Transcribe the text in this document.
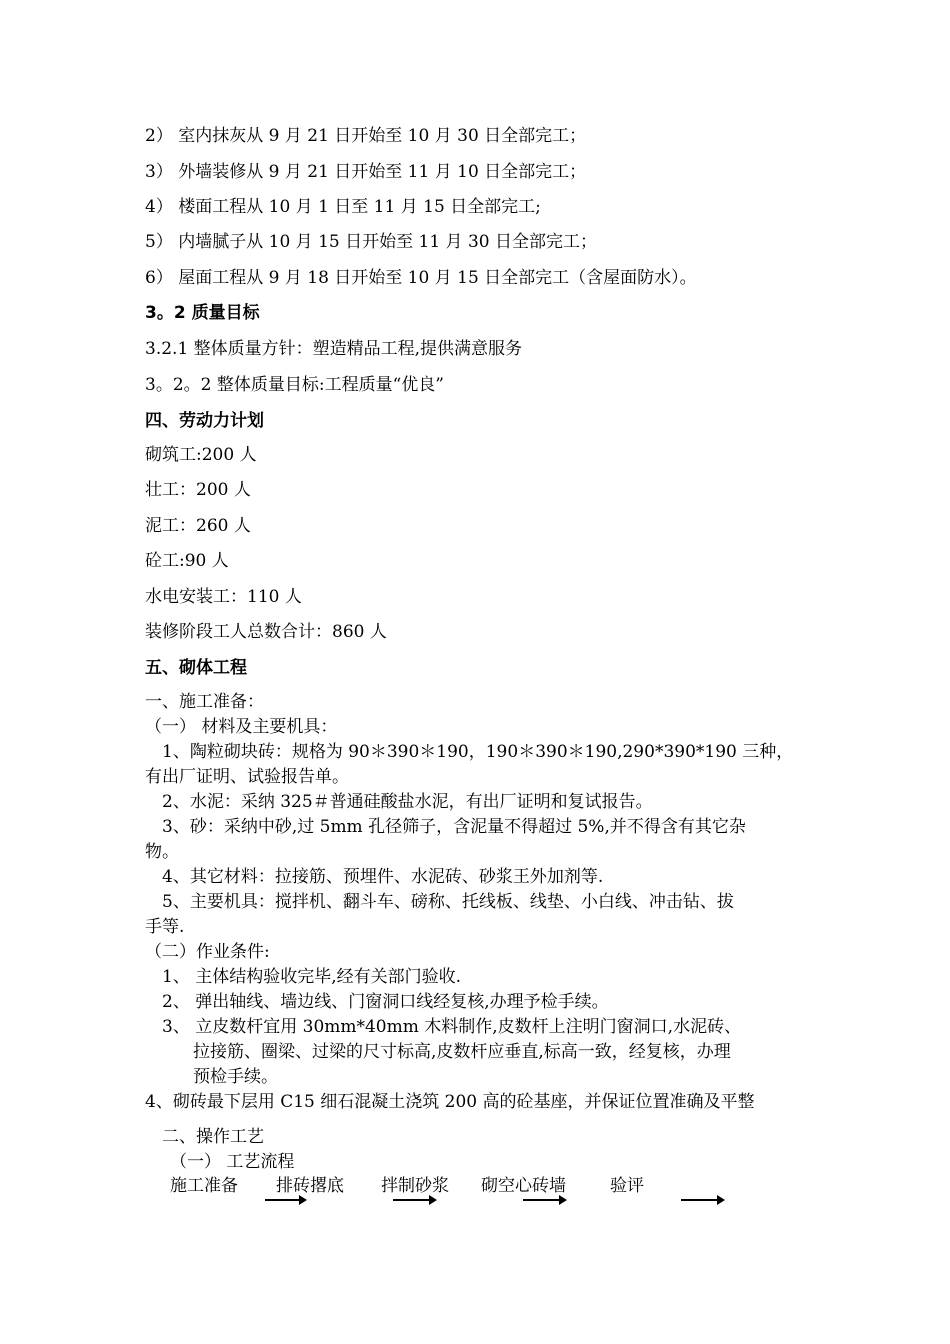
2） 室内抹灰从 9 月 21 日开始至 10 月 30 日全部完工；
3） 外墙装修从 9 月 21 日开始至 11 月 10 日全部完工；
4） 楼面工程从 10 月 1 日至 11 月 15 日全部完工;
5） 内墙腻子从 10 月 15 日开始至 11 月 30 日全部完工；
6） 屋面工程从 9 月 18 日开始至 10 月 15 日全部完工（含屋面防水）。
3。2 质量目标
3.2.1 整体质量方针：塑造精品工程,提供满意服务
3。2。2 整体质量目标:工程质量“优良”
四、劳动力计划
砌筑工:200 人
壮工：200 人
泥工：260 人
砼工:90 人
水电安装工：110 人
装修阶段工人总数合计：860 人
五、砌体工程
一、施工准备：
（一） 材料及主要机具：
1、陶粒砌块砖：规格为 90＊390＊190，190＊390＊190,290*390*190 三种，
有出厂证明、试验报告单。
2、水泥：采纳 325＃普通硅酸盐水泥，有出厂证明和复试报告。
3、砂：采纳中砂,过 5mm 孔径筛子，含泥量不得超过 5%,并不得含有其它杂
物。
4、其它材料：拉接筋、预埋件、水泥砖、砂浆王外加剂等.
5、主要机具：搅拌机、翻斗车、磅称、托线板、线垫、小白线、冲击钻、拔
手等.
（二）作业条件:
1、 主体结构验收完毕,经有关部门验收.
2、 弹出轴线、墙边线、门窗洞口线经复核,办理予检手续。
3、 立皮数杆宜用 30mm*40mm 木料制作,皮数杆上注明门窗洞口,水泥砖、
拉接筋、圈梁、过梁的尺寸标高,皮数杆应垂直,标高一致，经复核，办理
预检手续。
4、砌砖最下层用 C15 细石混凝土浇筑 200 高的砼基座，并保证位置准确及平整
二、操作工艺
（一） 工艺流程
施工准备 排砖撂底 拌制砂浆 砌空心砖墙	验评
